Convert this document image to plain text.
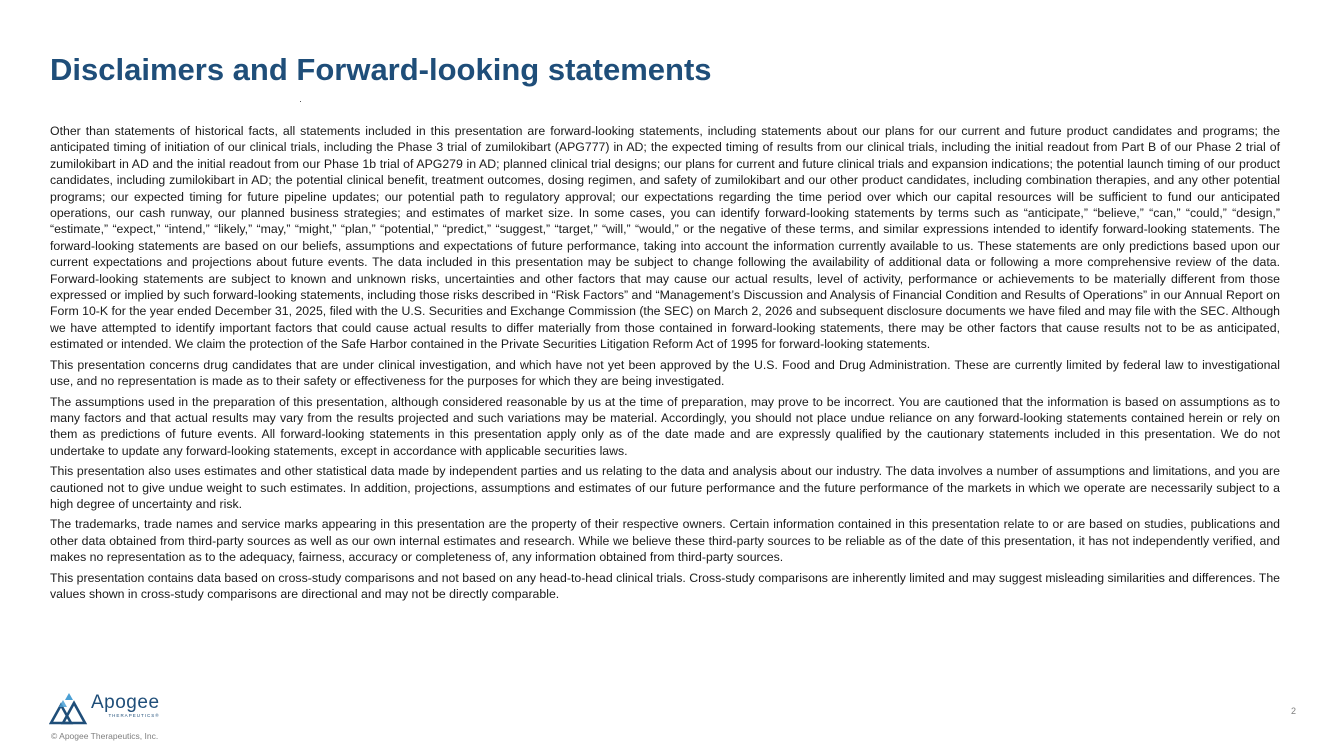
Disclaimers and Forward-looking statements

Other than statements of historical facts, all statements included in this presentation are forward-looking statements, including statements about our plans for our current and future product candidates and programs; the anticipated timing of initiation of our clinical trials, including the Phase 3 trial of zumilokibart (APG777) in AD; the expected timing of results from our clinical trials, including the initial readout from Part B of our Phase 2 trial of zumilokibart in AD and the initial readout from our Phase 1b trial of APG279 in AD; planned clinical trial designs; our plans for current and future clinical trials and expansion indications; the potential launch timing of our product candidates, including zumilokibart in AD; the potential clinical benefit, treatment outcomes, dosing regimen, and safety of zumilokibart and our other product candidates, including combination therapies, and any other potential programs; our expected timing for future pipeline updates; our potential path to regulatory approval; our expectations regarding the time period over which our capital resources will be sufficient to fund our anticipated operations, our cash runway, our planned business strategies; and estimates of market size. In some cases, you can identify forward-looking statements by terms such as “anticipate,” “believe,” “can,” “could,” “design,” “estimate,” “expect,” “intend,” “likely,” “may,” “might,” “plan,” “potential,” “predict,” “suggest,” “target,” “will,” “would,” or the negative of these terms, and similar expressions intended to identify forward-looking statements. The forward-looking statements are based on our beliefs, assumptions and expectations of future performance, taking into account the information currently available to us. These statements are only predictions based upon our current expectations and projections about future events. The data included in this presentation may be subject to change following the availability of additional data or following a more comprehensive review of the data. Forward-looking statements are subject to known and unknown risks, uncertainties and other factors that may cause our actual results, level of activity, performance or achievements to be materially different from those expressed or implied by such forward-looking statements, including those risks described in “Risk Factors” and “Management’s Discussion and Analysis of Financial Condition and Results of Operations” in our Annual Report on Form 10-K for the year ended December 31, 2025, filed with the U.S. Securities and Exchange Commission (the SEC) on March 2, 2026 and subsequent disclosure documents we have filed and may file with the SEC. Although we have attempted to identify important factors that could cause actual results to differ materially from those contained in forward-looking statements, there may be other factors that cause results not to be as anticipated, estimated or intended. We claim the protection of the Safe Harbor contained in the Private Securities Litigation Reform Act of 1995 for forward-looking statements.

This presentation concerns drug candidates that are under clinical investigation, and which have not yet been approved by the U.S. Food and Drug Administration. These are currently limited by federal law to investigational use, and no representation is made as to their safety or effectiveness for the purposes for which they are being investigated.

The assumptions used in the preparation of this presentation, although considered reasonable by us at the time of preparation, may prove to be incorrect. You are cautioned that the information is based on assumptions as to many factors and that actual results may vary from the results projected and such variations may be material. Accordingly, you should not place undue reliance on any forward-looking statements contained herein or rely on them as predictions of future events. All forward-looking statements in this presentation apply only as of the date made and are expressly qualified by the cautionary statements included in this presentation. We do not undertake to update any forward-looking statements, except in accordance with applicable securities laws.

This presentation also uses estimates and other statistical data made by independent parties and us relating to the data and analysis about our industry. The data involves a number of assumptions and limitations, and you are cautioned not to give undue weight to such estimates. In addition, projections, assumptions and estimates of our future performance and the future performance of the markets in which we operate are necessarily subject to a high degree of uncertainty and risk.

The trademarks, trade names and service marks appearing in this presentation are the property of their respective owners. Certain information contained in this presentation relate to or are based on studies, publications and other data obtained from third-party sources as well as our own internal estimates and research. While we believe these third-party sources to be reliable as of the date of this presentation, it has not independently verified, and makes no representation as to the adequacy, fairness, accuracy or completeness of, any information obtained from third-party sources.

This presentation contains data based on cross-study comparisons and not based on any head-to-head clinical trials. Cross-study comparisons are inherently limited and may suggest misleading similarities and differences. The values shown in cross-study comparisons are directional and may not be directly comparable.

Apogee
THERAPEUTICS®
© Apogee Therapeutics, Inc.
2
